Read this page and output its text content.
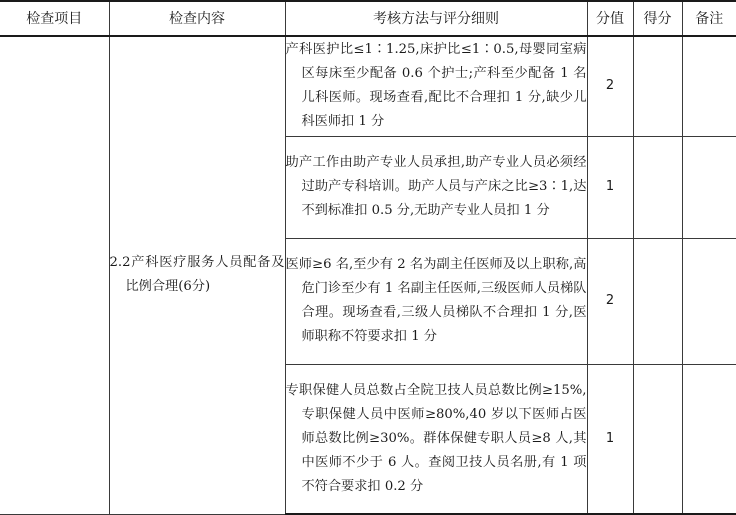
检查项目	检查内容	考核方法与评分细则	分值	得分	备注

	2.2产科医疗服务人员配备及比例合理(6分)	产科医护比≤1∶1.25,床护比≤1∶0.5,母婴同室病区每床至少配备 0.6 个护士;产科至少配备 1 名儿科医师。现场查看,配比不合理扣 1 分,缺少儿科医师扣 1 分	2		

		助产工作由助产专业人员承担,助产专业人员必须经过助产专科培训。助产人员与产床之比≥3∶1,达不到标准扣 0.5 分,无助产专业人员扣 1 分	1		

		医师≥6 名,至少有 2 名为副主任医师及以上职称,高危门诊至少有 1 名副主任医师,三级医师人员梯队合理。现场查看,三级人员梯队不合理扣 1 分,医师职称不符要求扣 1 分	2		

		专职保健人员总数占全院卫技人员总数比例≥15%,专职保健人员中医师≥80%,40 岁以下医师占医师总数比例≥30%。群体保健专职人员≥8 人,其中医师不少于 6 人。查阅卫技人员名册,有 1 项不符合要求扣 0.2 分	1		
